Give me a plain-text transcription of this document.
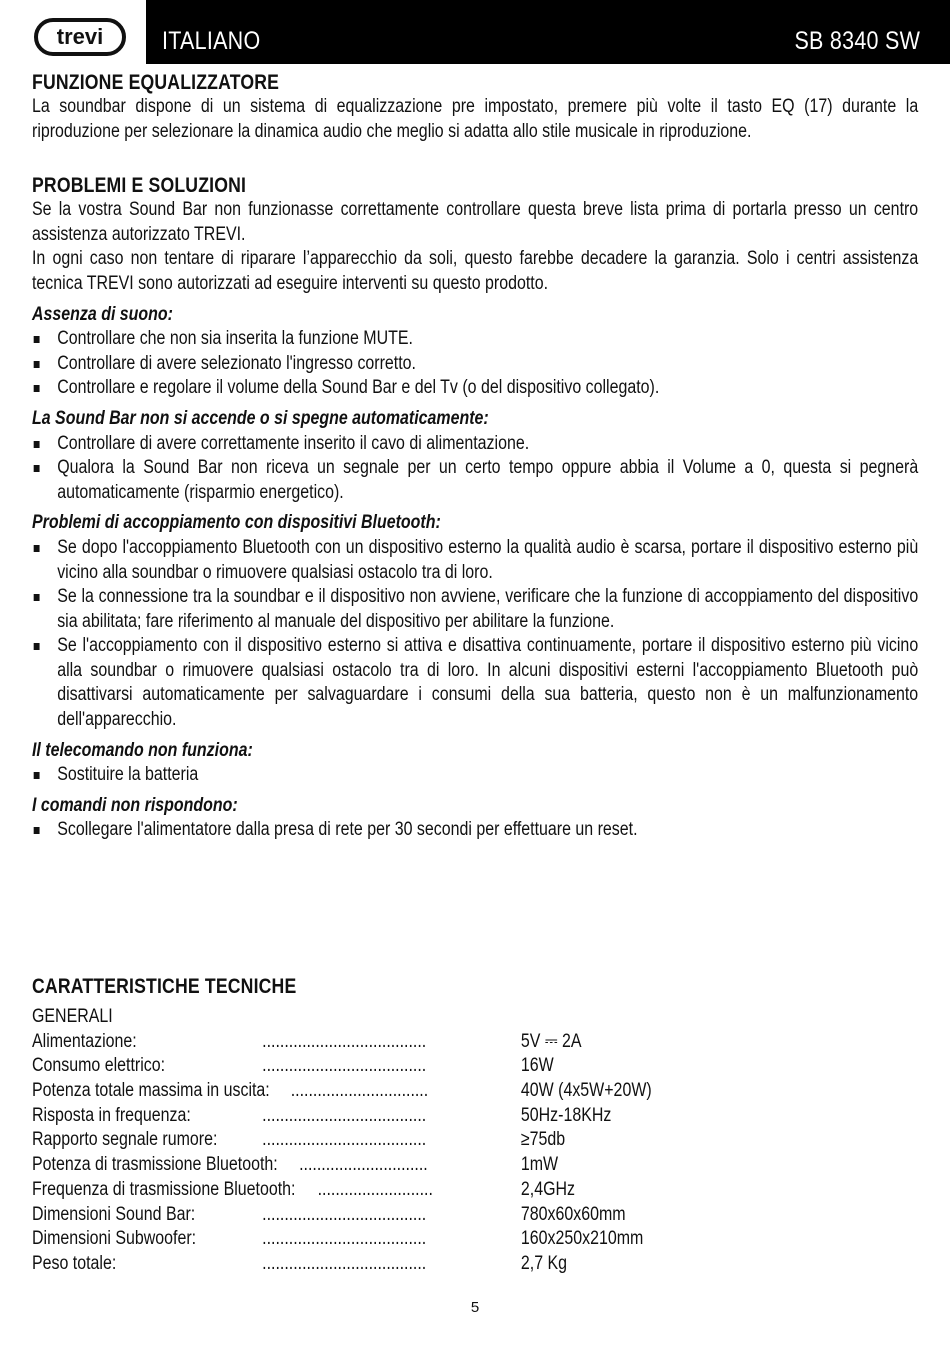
trevi ITALIANO	SB 8340 SW
FUNZIONE EQUALIZZATORE

La soundbar dispone di un sistema di equalizzazione pre impostato, premere più volte il tasto EQ (17) durante la riproduzione per selezionare la dinamica audio che meglio si adatta allo stile musicale in riproduzione.

PROBLEMI E SOLUZIONI

Se la vostra Sound Bar non funzionasse correttamente controllare questa breve lista prima di portarla presso un centro assistenza autorizzato TREVI.

In ogni caso non tentare di riparare l’apparecchio da soli, questo farebbe decadere la garanzia. Solo i centri assistenza tecnica TREVI sono autorizzati ad eseguire interventi su questo prodotto.

Assenza di suono:
Controllare che non sia inserita la funzione MUTE.
Controllare di avere selezionato l'ingresso corretto.
Controllare e regolare il volume della Sound Bar e del Tv (o del dispositivo collegato).
La Sound Bar non si accende o si spegne automaticamente:
Controllare di avere correttamente inserito il cavo di alimentazione.
Qualora la Sound Bar non riceva un segnale per un certo tempo oppure abbia il Volume a 0, questa si pegnerà automaticamente (risparmio energetico).
Problemi di accoppiamento con dispositivi Bluetooth:
Se dopo l'accoppiamento Bluetooth con un dispositivo esterno la qualità audio è scarsa, portare il dispositivo esterno più vicino alla soundbar o rimuovere qualsiasi ostacolo tra di loro.
Se la connessione tra la soundbar e il dispositivo non avviene, verificare che la funzione di accoppiamento del dispositivo sia abilitata; fare riferimento al manuale del dispositivo per abilitare la funzione.
Se l'accoppiamento con il dispositivo esterno si attiva e disattiva continuamente, portare il dispositivo esterno più vicino alla soundbar o rimuovere qualsiasi ostacolo tra di loro. In alcuni dispositivi esterni l'accoppiamento Bluetooth può disattivarsi automaticamente per salvaguardare i consumi della sua batteria, questo non è un malfunzionamento dell'apparecchio.
Il telecomando non funziona:
Sostituire la batteria
I comandi non rispondono:
Scollegare l'alimentatore dalla presa di rete per 30 secondi per effettuare un reset.
CARATTERISTICHE TECNICHE
GENERALI
Alimentazione:	.....................................	5V ⎓ 2A
Consumo elettrico:	.....................................	16W
Potenza totale massima in uscita: ...............................	40W (4x5W+20W)
Risposta in frequenza:	.....................................	50Hz-18KHz
Rapporto segnale rumore: .....................................	≥75db
Potenza di trasmissione Bluetooth: .............................	1mW
Frequenza di trasmissione Bluetooth: ..........................	2,4GHz
Dimensioni Sound Bar:	.....................................	780x60x60mm
Dimensioni Subwoofer:	.....................................	160x250x210mm
Peso totale:	.....................................	2,7 Kg
5
